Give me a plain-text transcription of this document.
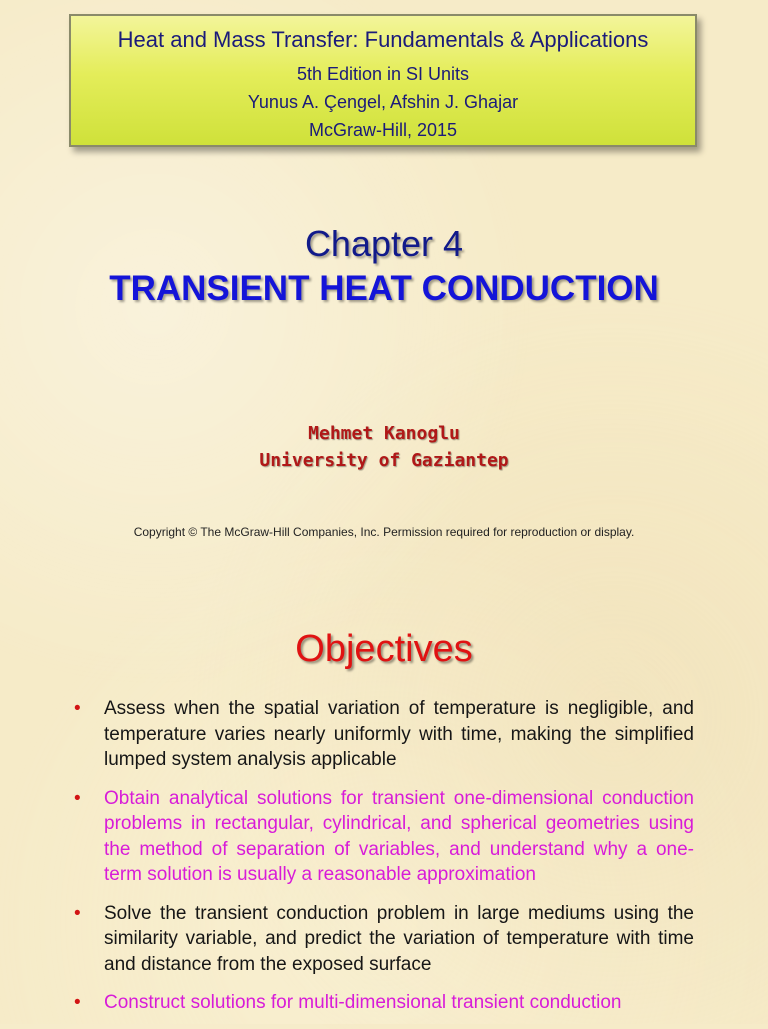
Heat and Mass Transfer: Fundamentals & Applications
5th Edition in SI Units
Yunus A. Çengel, Afshin J. Ghajar
McGraw-Hill, 2015
Chapter 4
TRANSIENT HEAT CONDUCTION
Mehmet Kanoglu
University of Gaziantep
Copyright © The McGraw-Hill Companies, Inc. Permission required for reproduction or display.
Objectives
• Assess when the spatial variation of temperature is negligible, and temperature varies nearly uniformly with time, making the simplified lumped system analysis applicable
• Obtain analytical solutions for transient one-dimensional conduction problems in rectangular, cylindrical, and spherical geometries using the method of separation of variables, and understand why a one-term solution is usually a reasonable approximation
• Solve the transient conduction problem in large mediums using the similarity variable, and predict the variation of temperature with time and distance from the exposed surface
• Construct solutions for multi-dimensional transient conduction
